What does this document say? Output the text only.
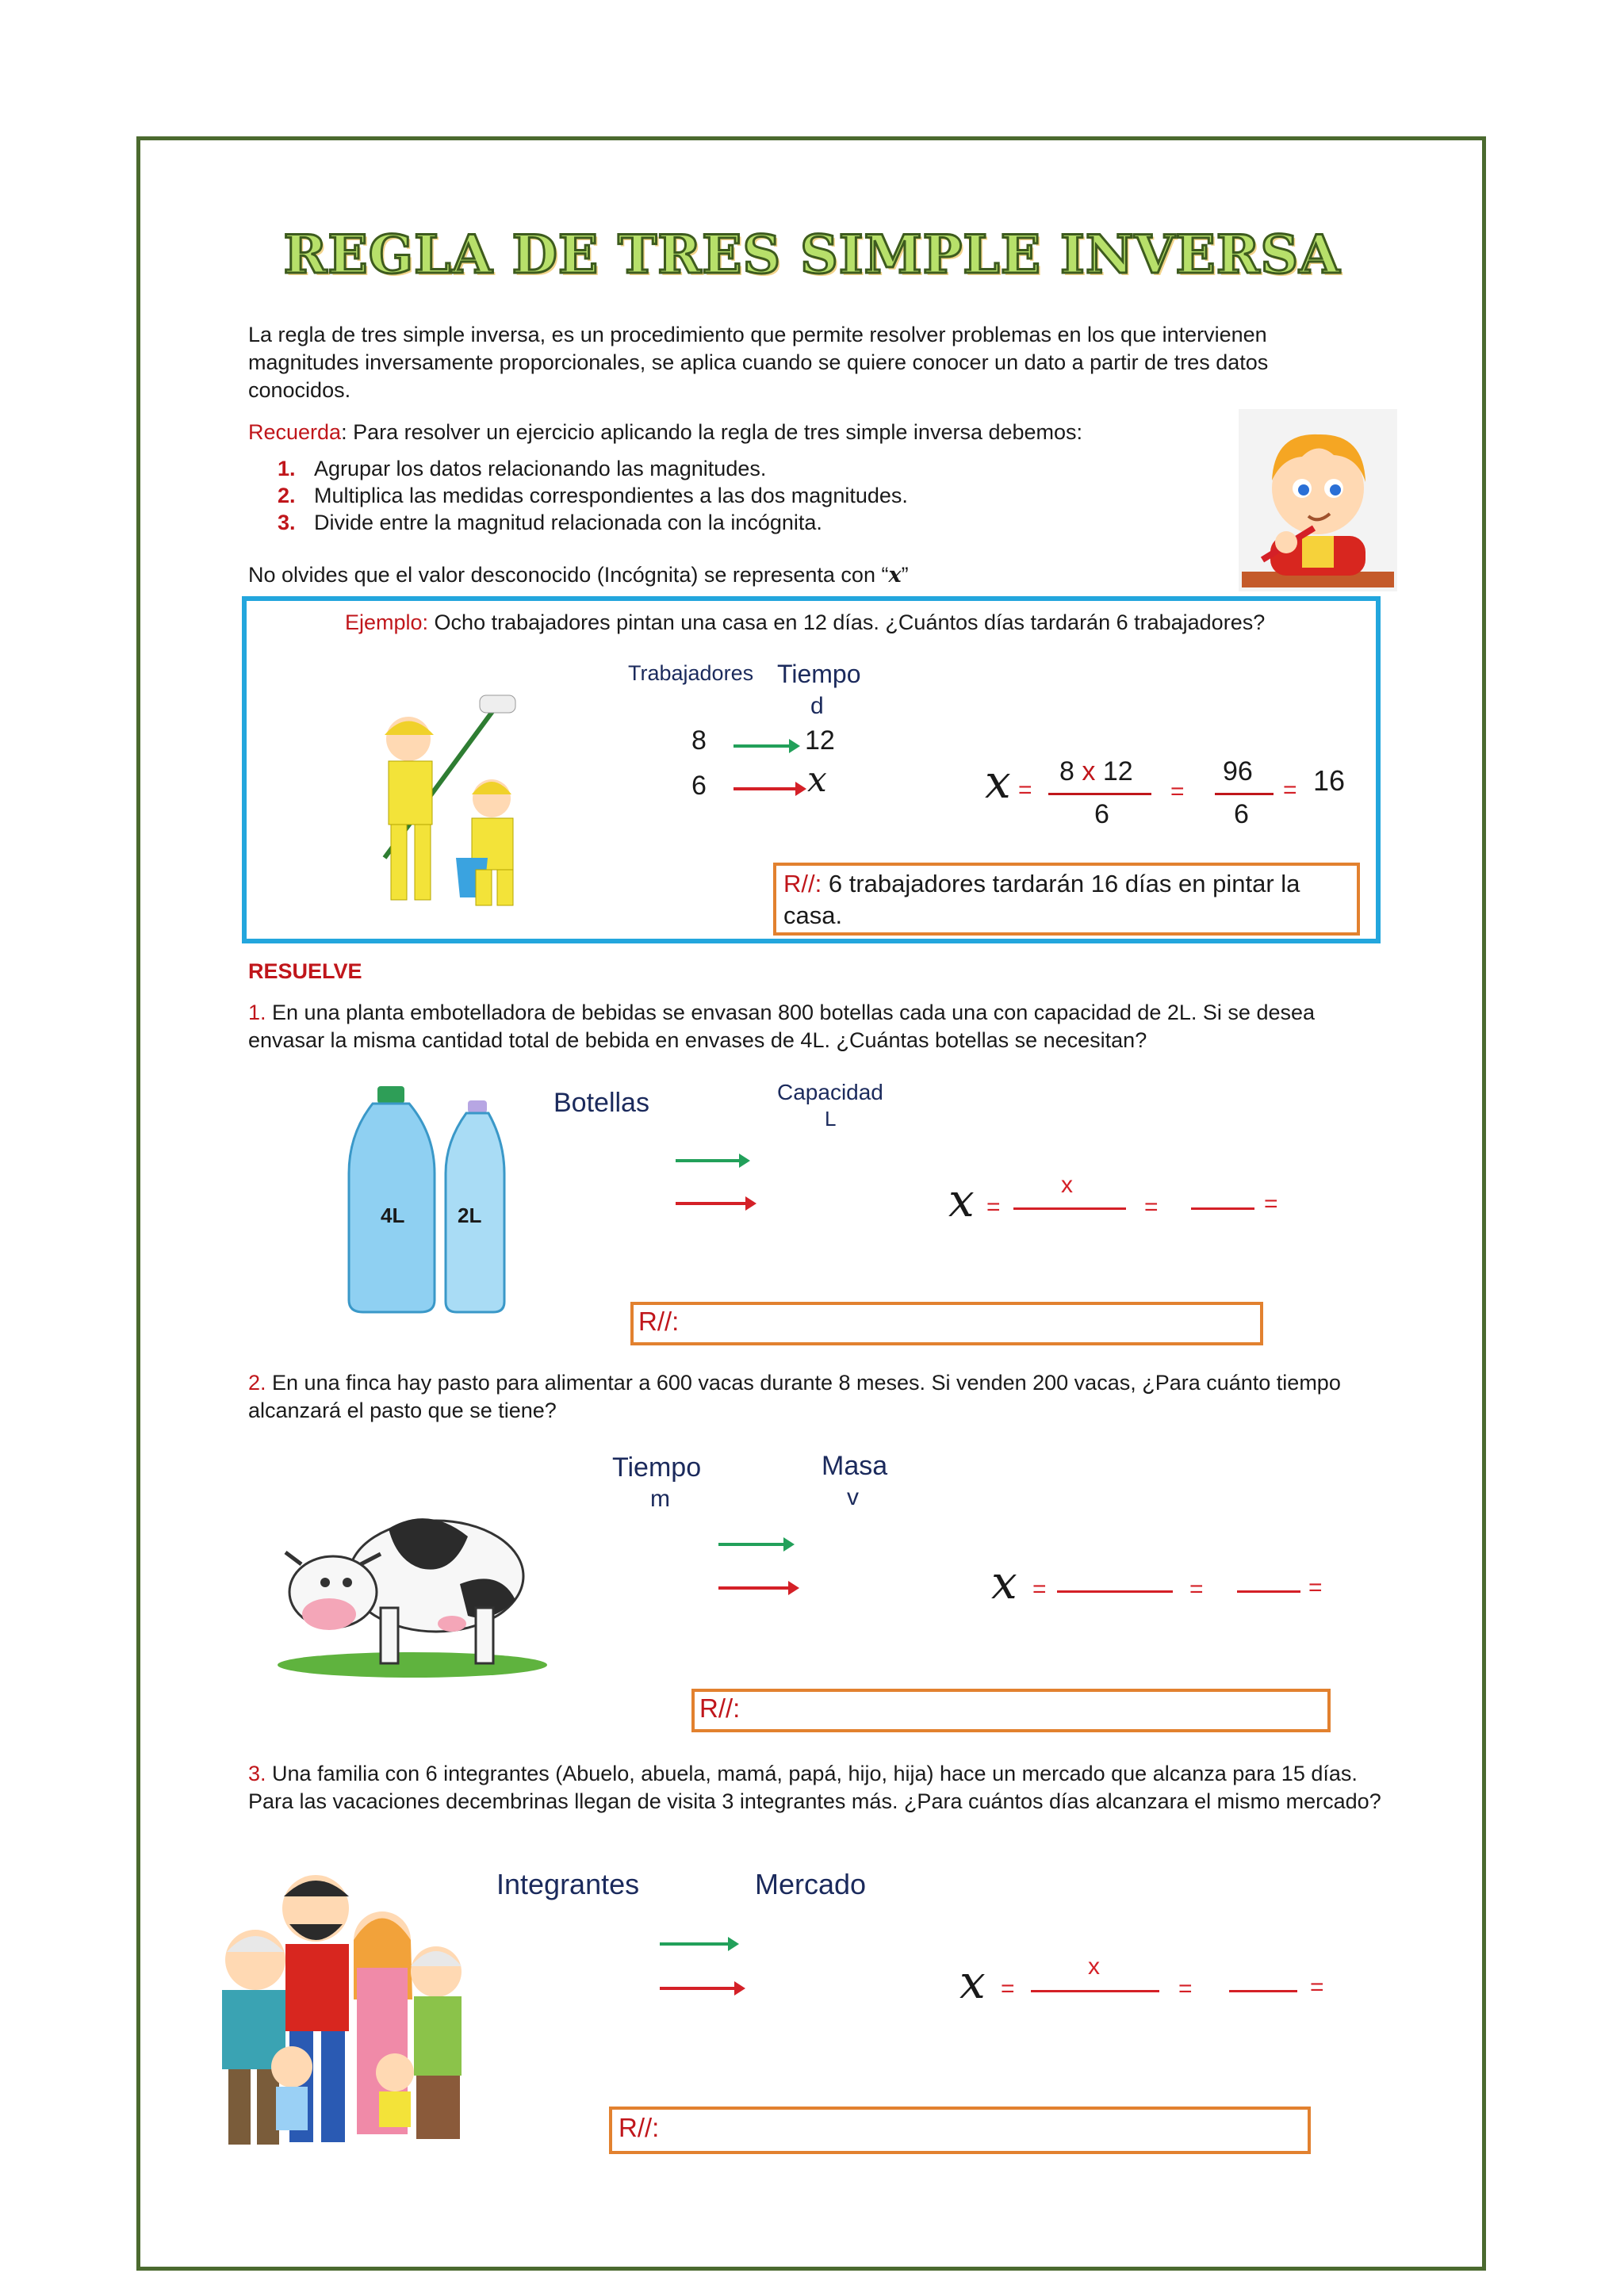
REGLA DE TRES SIMPLE INVERSA
La regla de tres simple inversa, es un procedimiento que permite resolver problemas en los que intervienen magnitudes inversamente proporcionales, se aplica cuando se quiere conocer un dato a partir de tres datos conocidos.
Recuerda: Para resolver un ejercicio aplicando la regla de tres simple inversa debemos:
1. Agrupar los datos relacionando las magnitudes.
2. Multiplica las medidas correspondientes a las dos magnitudes.
3. Divide entre la magnitud relacionada con la incógnita.
No olvides que el valor desconocido (Incógnita) se representa con “x”
Ejemplo: Ocho trabajadores pintan una casa en 12 días. ¿Cuántos días tardarán 6 trabajadores?
Trabajadores Tiempo
d
8	12
6	x	x =
8 x 12
6
=
96
6
= 16
R//: 6 trabajadores tardarán 16 días en pintar la casa.
RESUELVE
1. En una planta embotelladora de bebidas se envasan 800 botellas cada una con capacidad de 2L. Si se desea envasar la misma cantidad total de bebida en envases de 4L. ¿Cuántas botellas se necesitan?
4L	2L
Botellas	Capacidad
L
x =
x
=	=
R//:
2. En una finca hay pasto para alimentar a 600 vacas durante 8 meses. Si venden 200 vacas, ¿Para cuánto tiempo alcanzará el pasto que se tiene?
Tiempo
m
Masa
v
x =	=	=
R//:
3. Una familia con 6 integrantes (Abuelo, abuela, mamá, papá, hijo, hija) hace un mercado que alcanza para 15 días. Para las vacaciones decembrinas llegan de visita 3 integrantes más. ¿Para cuántos días alcanzara el mismo mercado?
Integrantes	Mercado
x =
x
=	=
R//:
